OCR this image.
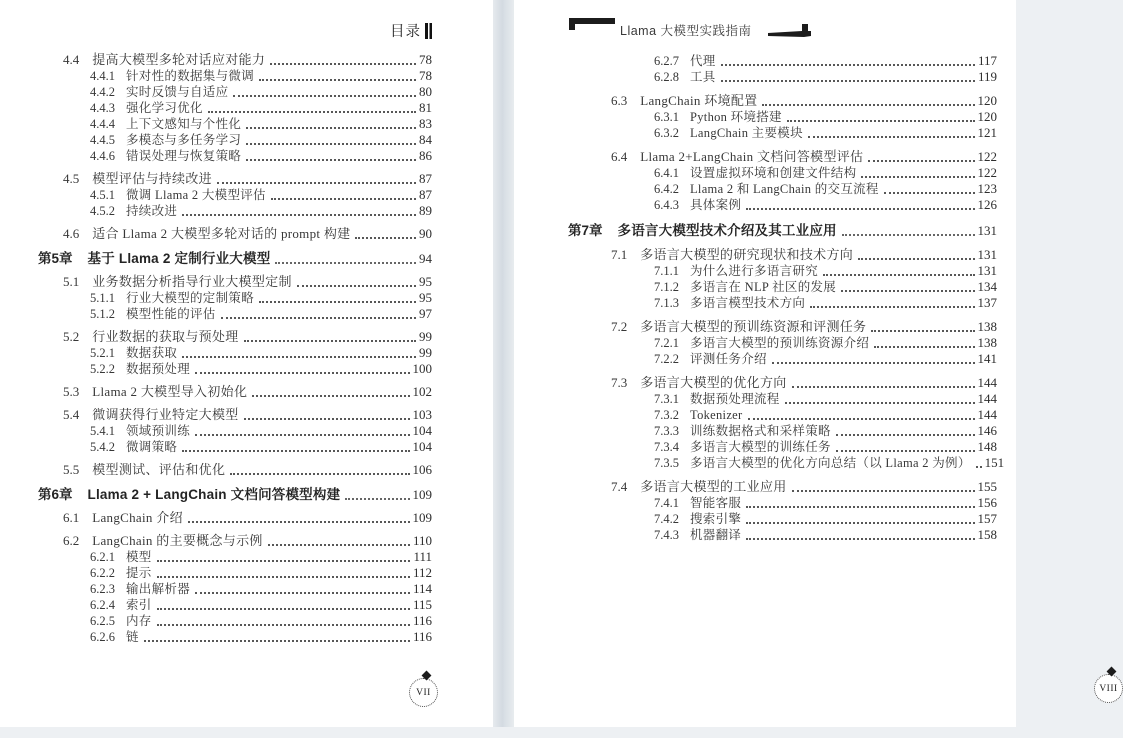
目录
4.4 提高大模型多轮对话应对能力	78
4.4.1 针对性的数据集与微调	78
4.4.2 实时反馈与自适应	80
4.4.3 强化学习优化	81
4.4.4 上下文感知与个性化	83
4.4.5 多模态与多任务学习	84
4.4.6 错误处理与恢复策略	86
4.5 模型评估与持续改进	87
4.5.1 微调 Llama 2 大模型评估	87
4.5.2 持续改进	89
4.6 适合 Llama 2 大模型多轮对话的 prompt 构建	90
第5章 基于 Llama 2 定制行业大模型	94
5.1 业务数据分析指导行业大模型定制	95
5.1.1 行业大模型的定制策略	95
5.1.2 模型性能的评估	97
5.2 行业数据的获取与预处理	99
5.2.1 数据获取	99
5.2.2 数据预处理	100
5.3 Llama 2 大模型导入初始化	102
5.4 微调获得行业特定大模型	103
5.4.1 领域预训练	104
5.4.2 微调策略	104
5.5 模型测试、评估和优化	106
第6章 Llama 2 + LangChain 文档问答模型构建	109
6.1 LangChain 介绍	109
6.2 LangChain 的主要概念与示例	110
6.2.1 模型	111
6.2.2 提示	112
6.2.3 输出解析器	114
6.2.4 索引	115
6.2.5 内存	116
6.2.6 链	116
VII
Llama 大模型实践指南
6.2.7 代理	117
6.2.8 工具	119
6.3 LangChain 环境配置	120
6.3.1 Python 环境搭建	120
6.3.2 LangChain 主要模块	121
6.4 Llama 2+LangChain 文档问答模型评估	122
6.4.1 设置虚拟环境和创建文件结构	122
6.4.2 Llama 2 和 LangChain 的交互流程	123
6.4.3 具体案例	126
第7章 多语言大模型技术介绍及其工业应用	131
7.1 多语言大模型的研究现状和技术方向	131
7.1.1 为什么进行多语言研究	131
7.1.2 多语言在 NLP 社区的发展	134
7.1.3 多语言模型技术方向	137
7.2 多语言大模型的预训练资源和评测任务	138
7.2.1 多语言大模型的预训练资源介绍	138
7.2.2 评测任务介绍	141
7.3 多语言大模型的优化方向	144
7.3.1 数据预处理流程	144
7.3.2 Tokenizer	144
7.3.3 训练数据格式和采样策略	146
7.3.4 多语言大模型的训练任务	148
7.3.5 多语言大模型的优化方向总结（以 Llama 2 为例） 151
7.4 多语言大模型的工业应用	155
7.4.1 智能客服	156
7.4.2 搜索引擎	157
7.4.3 机器翻译	158
VIII
